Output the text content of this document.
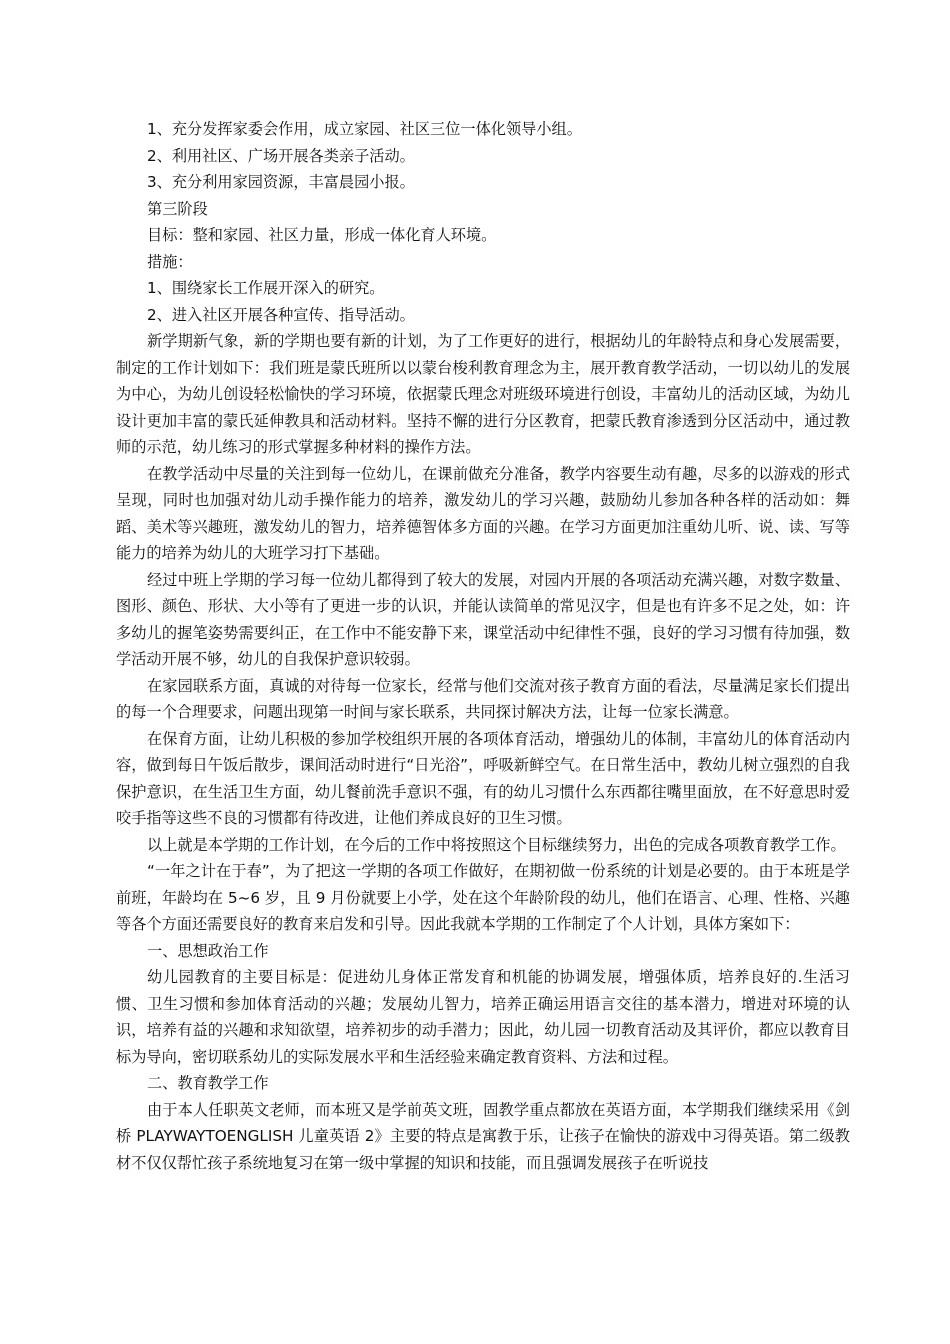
1、充分发挥家委会作用，成立家园、社区三位一体化领导小组。

2、利用社区、广场开展各类亲子活动。

3、充分利用家园资源，丰富晨园小报。

第三阶段

目标：整和家园、社区力量，形成一体化育人环境。

措施：

1、围绕家长工作展开深入的研究。

2、进入社区开展各种宣传、指导活动。

新学期新气象，新的学期也要有新的计划，为了工作更好的进行，根据幼儿的年龄特点和身心发展需要，制定的工作计划如下：我们班是蒙氏班所以以蒙台梭利教育理念为主，展开教育教学活动，一切以幼儿的发展为中心，为幼儿创设轻松愉快的学习环境，依据蒙氏理念对班级环境进行创设，丰富幼儿的活动区域，为幼儿设计更加丰富的蒙氏延伸教具和活动材料。坚持不懈的进行分区教育，把蒙氏教育渗透到分区活动中，通过教师的示范，幼儿练习的形式掌握多种材料的操作方法。

在教学活动中尽量的关注到每一位幼儿，在课前做充分准备，教学内容要生动有趣，尽多的以游戏的形式呈现，同时也加强对幼儿动手操作能力的培养，激发幼儿的学习兴趣，鼓励幼儿参加各种各样的活动如：舞蹈、美术等兴趣班，激发幼儿的智力，培养德智体多方面的兴趣。在学习方面更加注重幼儿听、说、读、写等能力的培养为幼儿的大班学习打下基础。

经过中班上学期的学习每一位幼儿都得到了较大的发展，对园内开展的各项活动充满兴趣，对数字数量、图形、颜色、形状、大小等有了更进一步的认识，并能认读简单的常见汉字，但是也有许多不足之处，如：许多幼儿的握笔姿势需要纠正，在工作中不能安静下来，课堂活动中纪律性不强，良好的学习习惯有待加强，数学活动开展不够，幼儿的自我保护意识较弱。

在家园联系方面，真诚的对待每一位家长，经常与他们交流对孩子教育方面的看法，尽量满足家长们提出的每一个合理要求，问题出现第一时间与家长联系，共同探讨解决方法，让每一位家长满意。

在保育方面，让幼儿积极的参加学校组织开展的各项体育活动，增强幼儿的体制，丰富幼儿的体育活动内容，做到每日午饭后散步，课间活动时进行“日光浴”，呼吸新鲜空气。在日常生活中，教幼儿树立强烈的自我保护意识，在生活卫生方面，幼儿餐前洗手意识不强，有的幼儿习惯什么东西都往嘴里面放，在不好意思时爱咬手指等这些不良的习惯都有待改进，让他们养成良好的卫生习惯。

以上就是本学期的工作计划，在今后的工作中将按照这个目标继续努力，出色的完成各项教育教学工作。

“一年之计在于春”，为了把这一学期的各项工作做好，在期初做一份系统的计划是必要的。由于本班是学前班，年龄均在 5~6 岁，且 9 月份就要上小学，处在这个年龄阶段的幼儿，他们在语言、心理、性格、兴趣等各个方面还需要良好的教育来启发和引导。因此我就本学期的工作制定了个人计划，具体方案如下：

一、思想政治工作

幼儿园教育的主要目标是：促进幼儿身体正常发育和机能的协调发展，增强体质，培养良好的.生活习惯、卫生习惯和参加体育活动的兴趣；发展幼儿智力，培养正确运用语言交往的基本潜力，增进对环境的认识，培养有益的兴趣和求知欲望，培养初步的动手潜力；因此，幼儿园一切教育活动及其评价，都应以教育目标为导向，密切联系幼儿的实际发展水平和生活经验来确定教育资料、方法和过程。

二、教育教学工作

由于本人任职英文老师，而本班又是学前英文班，固教学重点都放在英语方面，本学期我们继续采用《剑桥 PLAYWAYTOENGLISH 儿童英语 2》主要的特点是寓教于乐，让孩子在愉快的游戏中习得英语。第二级教材不仅仅帮忙孩子系统地复习在第一级中掌握的知识和技能，而且强调发展孩子在听说技
